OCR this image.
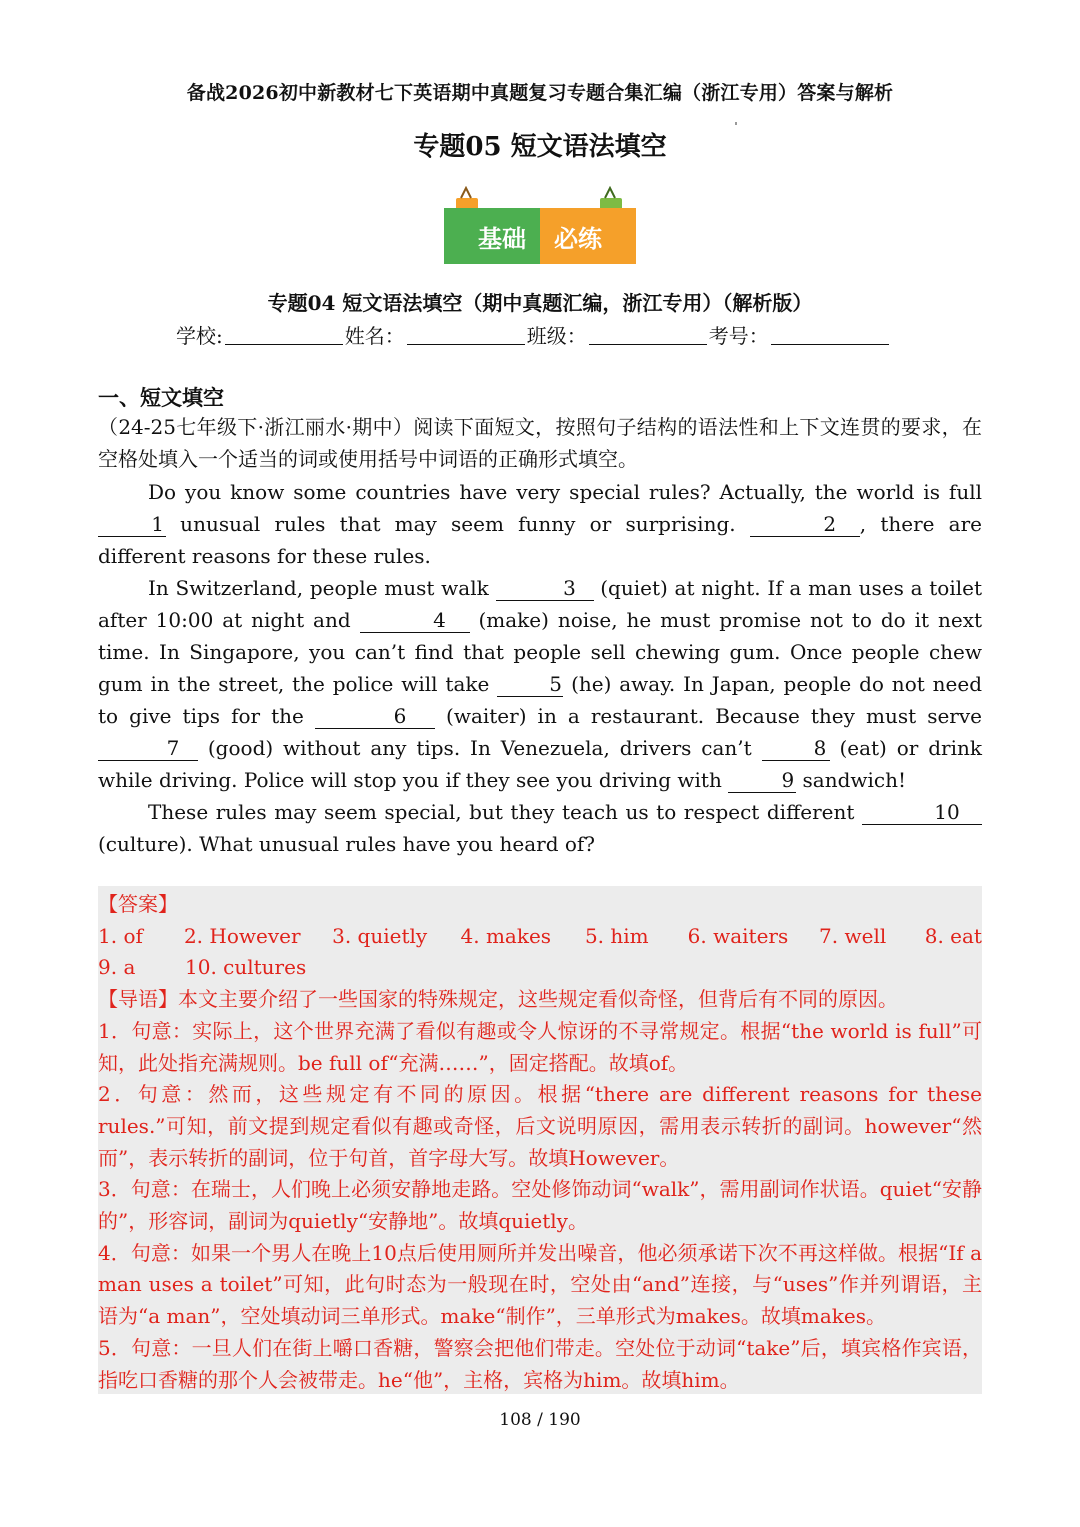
备战2026初中新教材七下英语期中真题复习专题合集汇编（浙江专用）答案与解析
专题05 短文语法填空
基础 必练
专题04 短文语法填空（期中真题汇编，浙江专用）（解析版）
学校:	姓名：	班级：	考号：
一、短文填空
（24-25七年级下·浙江丽水·期中）阅读下面短文，按照句子结构的语法性和上下文连贯的要求，在空格处填入一个适当的词或使用括号中词语的正确形式填空。

Do you know some countries have very special rules? Actually, the world is full 1 unusual rules that may seem funny or surprising.	2 , there are different reasons for these rules.

In Switzerland, people must walk	3 (quiet) at night. If a man uses a toilet after 10:00 at night and	4 (make) noise, he must promise not to do it next time. In Singapore, you can’t find that people sell chewing gum. Once people chew gum in the street, the police will take	5 (he) away. In Japan, people do not need to give tips for the	6 (waiter) in a restaurant. Because they must serve 7 (good) without any tips. In Venezuela, drivers can’t	8 (eat) or drink while driving. Police will stop you if they see you driving with	9 sandwich!

These rules may seem special, but they teach us to respect different	10 (culture). What unusual rules have you heard of?

【答案】
1. of	2. However	3. quietly	4. makes	5. him	6. waiters	7. well	8. eat
9. a	10. cultures

【导语】本文主要介绍了一些国家的特殊规定，这些规定看似奇怪，但背后有不同的原因。

1．句意：实际上，这个世界充满了看似有趣或令人惊讶的不寻常规定。根据“the world is full”可知，此处指充满规则。be full of“充满……”，固定搭配。故填of。

2．句意：然而，这些规定有不同的原因。根据“there are different reasons for these rules.”可知，前文提到规定看似有趣或奇怪，后文说明原因，需用表示转折的副词。however“然而”，表示转折的副词，位于句首，首字母大写。故填However。

3．句意：在瑞士，人们晚上必须安静地走路。空处修饰动词“walk”，需用副词作状语。quiet“安静的”，形容词，副词为quietly“安静地”。故填quietly。

4．句意：如果一个男人在晚上10点后使用厕所并发出噪音，他必须承诺下次不再这样做。根据“If a man uses a toilet”可知，此句时态为一般现在时，空处由“and”连接，与“uses”作并列谓语，主语为“a man”，空处填动词三单形式。make“制作”，三单形式为makes。故填makes。

5．句意：一旦人们在街上嚼口香糖，警察会把他们带走。空处位于动词“take”后，填宾格作宾语，指吃口香糖的那个人会被带走。he“他”，主格，宾格为him。故填him。

108 / 190
